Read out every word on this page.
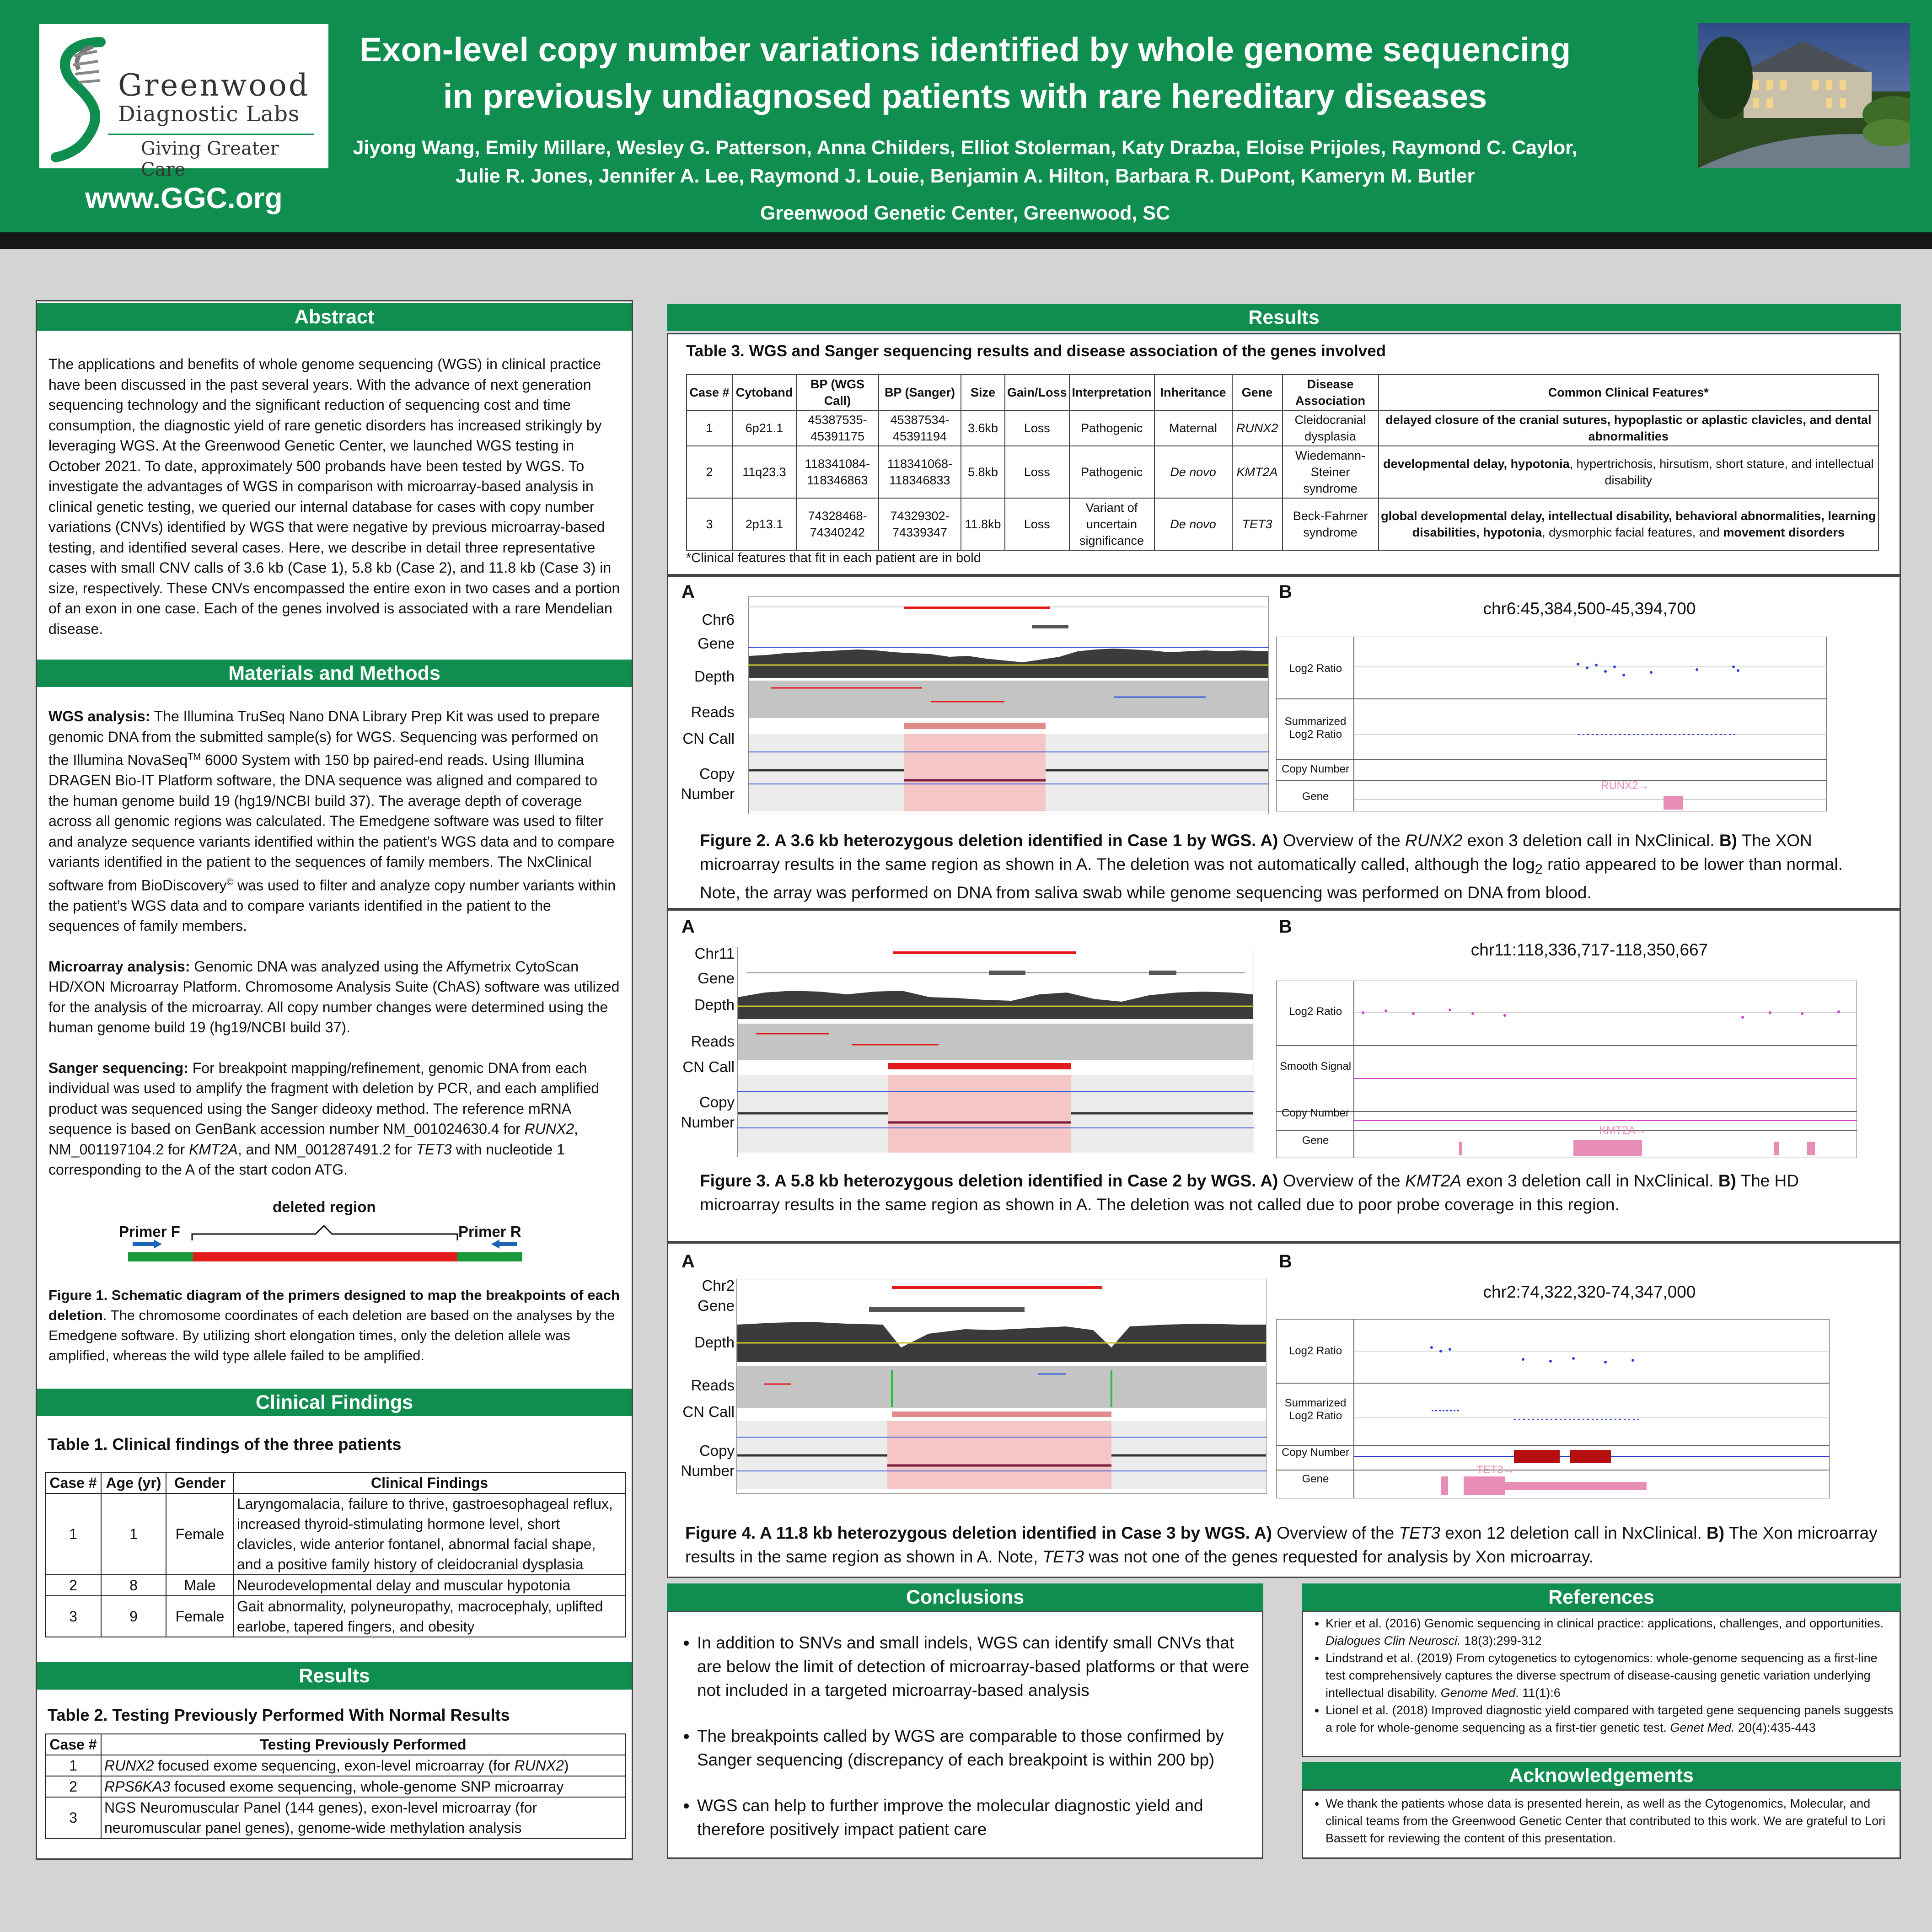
Greenwood
Diagnostic Labs
Giving Greater Care
www.GGC.org
Exon-level copy number variations identified by whole genome sequencing in previously undiagnosed patients with rare hereditary diseases
Jiyong Wang, Emily Millare, Wesley G. Patterson, Anna Childers, Elliot Stolerman, Katy Drazba, Eloise Prijoles, Raymond C. Caylor, Julie R. Jones, Jennifer A. Lee, Raymond J. Louie, Benjamin A. Hilton, Barbara R. DuPont, Kameryn M. Butler
Greenwood Genetic Center, Greenwood, SC
Abstract
The applications and benefits of whole genome sequencing (WGS) in clinical practice have been discussed in the past several years. With the advance of next generation sequencing technology and the significant reduction of sequencing cost and time consumption, the diagnostic yield of rare genetic disorders has increased strikingly by leveraging WGS. At the Greenwood Genetic Center, we launched WGS testing in October 2021. To date, approximately 500 probands have been tested by WGS. To investigate the advantages of WGS in comparison with microarray-based analysis in clinical genetic testing, we queried our internal database for cases with copy number variations (CNVs) identified by WGS that were negative by previous microarray-based testing, and identified several cases. Here, we describe in detail three representative cases with small CNV calls of 3.6 kb (Case 1), 5.8 kb (Case 2), and 11.8 kb (Case 3) in size, respectively. These CNVs encompassed the entire exon in two cases and a portion of an exon in one case. Each of the genes involved is associated with a rare Mendelian disease.
Materials and Methods

WGS analysis: The Illumina TruSeq Nano DNA Library Prep Kit was used to prepare genomic DNA from the submitted sample(s) for WGS. Sequencing was performed on the Illumina NovaSeq™ 6000 System with 150 bp paired-end reads. Using Illumina DRAGEN Bio-IT Platform software, the DNA sequence was aligned and compared to the human genome build 19 (hg19/NCBI build 37). The average depth of coverage across all genomic regions was calculated. The Emedgene software was used to filter and analyze sequence variants identified within the patient’s WGS data and to compare variants identified in the patient to the sequences of family members. The NxClinical software from BioDiscovery© was used to filter and analyze copy number variants within the patient’s WGS data and to compare variants identified in the patient to the sequences of family members.

Microarray analysis: Genomic DNA was analyzed using the Affymetrix CytoScan HD/XON Microarray Platform. Chromosome Analysis Suite (ChAS) software was utilized for the analysis of the microarray. All copy number changes were determined using the human genome build 19 (hg19/NCBI build 37).

Sanger sequencing: For breakpoint mapping/refinement, genomic DNA from each individual was used to amplify the fragment with deletion by PCR, and each amplified product was sequenced using the Sanger dideoxy method. The reference mRNA sequence is based on GenBank accession number NM_001024630.4 for RUNX2, NM_001197104.2 for KMT2A, and NM_001287491.2 for TET3 with nucleotide 1 corresponding to the A of the start codon ATG.

deleted region
Primer F	Primer R
Figure 1. Schematic diagram of the primers designed to map the breakpoints of each deletion. The chromosome coordinates of each deletion are based on the analyses by the Emedgene software. By utilizing short elongation times, only the deletion allele was amplified, whereas the wild type allele failed to be amplified.
Clinical Findings
Table 1. Clinical findings of the three patients
Case #	Age (yr)	Gender	Clinical Findings
1	1	Female	Laryngomalacia, failure to thrive, gastroesophageal reflux, increased thyroid-stimulating hormone level, short clavicles, wide anterior fontanel, abnormal facial shape, and a positive family history of cleidocranial dysplasia
2	8	Male	Neurodevelopmental delay and muscular hypotonia
3	9	Female	Gait abnormality, polyneuropathy, macrocephaly, uplifted earlobe, tapered fingers, and obesity
Results
Table 2. Testing Previously Performed With Normal Results
Case #	Testing Previously Performed
1	RUNX2 focused exome sequencing, exon-level microarray (for RUNX2)
2	RPS6KA3 focused exome sequencing, whole-genome SNP microarray
3	NGS Neuromuscular Panel (144 genes), exon-level microarray (for neuromuscular panel genes), genome-wide methylation analysis
Results
Table 3. WGS and Sanger sequencing results and disease association of the genes involved
Case #	Cytoband	BP (WGS Call)	BP (Sanger)	Size	Gain/Loss	Interpretation	Inheritance	Gene	Disease Association	Common Clinical Features*
1	6p21.1	45387535-45391175	45387534-45391194	3.6kb	Loss	Pathogenic	Maternal	RUNX2	Cleidocranial dysplasia	delayed closure of the cranial sutures, hypoplastic or aplastic clavicles, and dental abnormalities
2	11q23.3	118341084-118346863	118341068-118346833	5.8kb	Loss	Pathogenic	De novo	KMT2A	Wiedemann-Steiner syndrome	developmental delay, hypotonia, hypertrichosis, hirsutism, short stature, and intellectual disability
3	2p13.1	74328468-74340242	74329302-74339347	11.8kb	Loss	Variant of uncertain significance	De novo	TET3	Beck-Fahrner syndrome	global developmental delay, intellectual disability, behavioral abnormalities, learning disabilities, hypotonia, dysmorphic facial features, and movement disorders
*Clinical features that fit in each patient are in bold
A	B
Chr6
Gene
Depth
Reads
CN Call
Copy Number
chr6:45,384,500-45,394,700
Log2 Ratio
Summarized Log2 Ratio
Copy Number
Gene
RUNX2→
Figure 2. A 3.6 kb heterozygous deletion identified in Case 1 by WGS. A) Overview of the RUNX2 exon 3 deletion call in NxClinical. B) The XON microarray results in the same region as shown in A. The deletion was not automatically called, although the $\log_2$ ratio appeared to be lower than normal. Note, the array was performed on DNA from saliva swab while genome sequencing was performed on DNA from blood.
A	B
Chr11
Gene
Depth
Reads
CN Call
Copy Number
chr11:118,336,717-118,350,667
Log2 Ratio
Smooth Signal
Copy Number
Gene
KMT2A→
Figure 3. A 5.8 kb heterozygous deletion identified in Case 2 by WGS. A) Overview of the KMT2A exon 3 deletion call in NxClinical. B) The HD microarray results in the same region as shown in A. The deletion was not called due to poor probe coverage in this region.
A	B
Chr2
Gene
Depth
Reads
CN Call
Copy Number
chr2:74,322,320-74,347,000
Log2 Ratio
Summarized Log2 Ratio
Copy Number
Gene
TET3→
Figure 4. A 11.8 kb heterozygous deletion identified in Case 3 by WGS. A) Overview of the TET3 exon 12 deletion call in NxClinical. B) The Xon microarray results in the same region as shown in A. Note, TET3 was not one of the genes requested for analysis by Xon microarray.
Conclusions
• In addition to SNVs and small indels, WGS can identify small CNVs that are below the limit of detection of microarray-based platforms or that were not included in a targeted microarray-based analysis
• The breakpoints called by WGS are comparable to those confirmed by Sanger sequencing (discrepancy of each breakpoint is within 200 bp)
• WGS can help to further improve the molecular diagnostic yield and therefore positively impact patient care
References
• Krier et al. (2016) Genomic sequencing in clinical practice: applications, challenges, and opportunities. Dialogues Clin Neurosci. 18(3):299-312
• Lindstrand et al. (2019) From cytogenetics to cytogenomics: whole-genome sequencing as a first-line test comprehensively captures the diverse spectrum of disease-causing genetic variation underlying intellectual disability. Genome Med. 11(1):6
• Lionel et al. (2018) Improved diagnostic yield compared with targeted gene sequencing panels suggests a role for whole-genome sequencing as a first-tier genetic test. Genet Med. 20(4):435-443
Acknowledgements
• We thank the patients whose data is presented herein, as well as the Cytogenomics, Molecular, and clinical teams from the Greenwood Genetic Center that contributed to this work. We are grateful to Lori Bassett for reviewing the content of this presentation.
